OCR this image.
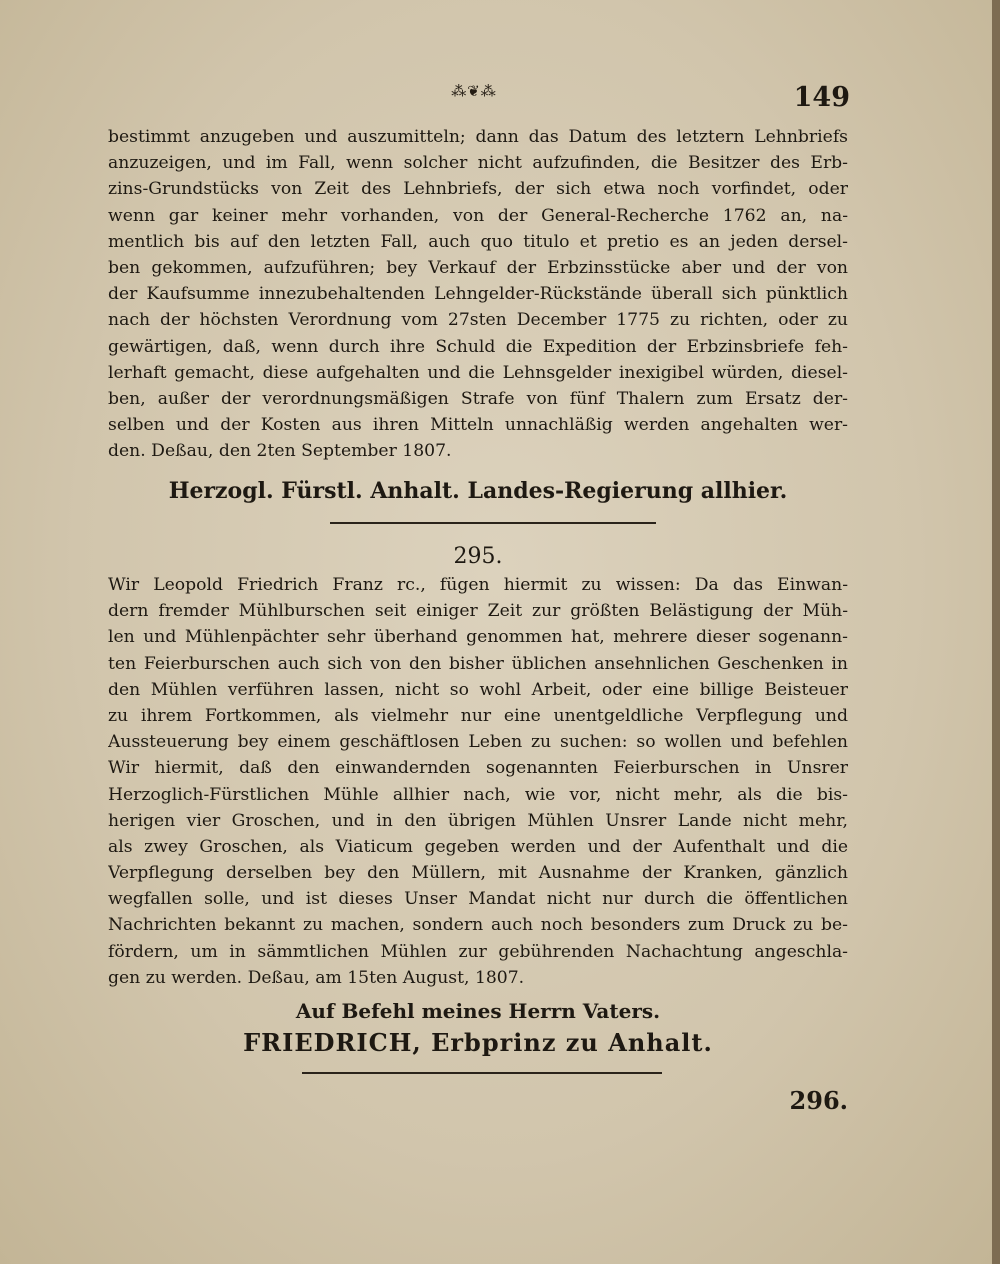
⁂❦⁂	149
bestimmt anzugeben und auszumitteln; dann das Datum des letztern Lehnbriefs
anzuzeigen, und im Fall, wenn solcher nicht aufzufinden, die Besitzer des Erb-
zins-Grundstücks von Zeit des Lehnbriefs, der sich etwa noch vorfindet, oder
wenn gar keiner mehr vorhanden, von der General-Recherche 1762 an, na-
mentlich bis auf den letzten Fall, auch quo titulo et pretio es an jeden dersel-
ben gekommen, aufzuführen; bey Verkauf der Erbzinsstücke aber und der von
der Kaufsumme innezubehaltenden Lehngelder-Rückstände überall sich pünktlich
nach der höchsten Verordnung vom 27sten December 1775 zu richten, oder zu
gewärtigen, daß, wenn durch ihre Schuld die Expedition der Erbzinsbriefe feh-
lerhaft gemacht, diese aufgehalten und die Lehnsgelder inexigibel würden, diesel-
ben, außer der verordnungsmäßigen Strafe von fünf Thalern zum Ersatz der-
selben und der Kosten aus ihren Mitteln unnachläßig werden angehalten wer-
den. Deßau, den 2ten September 1807.
Herzogl. Fürstl. Anhalt. Landes-Regierung allhier.
295.
Wir Leopold Friedrich Franz rc., fügen hiermit zu wissen: Da das Einwan-
dern fremder Mühlburschen seit einiger Zeit zur größten Belästigung der Müh-
len und Mühlenpächter sehr überhand genommen hat, mehrere dieser sogenann-
ten Feierburschen auch sich von den bisher üblichen ansehnlichen Geschenken in
den Mühlen verführen lassen, nicht so wohl Arbeit, oder eine billige Beisteuer
zu ihrem Fortkommen, als vielmehr nur eine unentgeldliche Verpflegung und
Aussteuerung bey einem geschäftlosen Leben zu suchen: so wollen und befehlen
Wir hiermit, daß den einwandernden sogenannten Feierburschen in Unsrer
Herzoglich-Fürstlichen Mühle allhier nach, wie vor, nicht mehr, als die bis-
herigen vier Groschen, und in den übrigen Mühlen Unsrer Lande nicht mehr,
als zwey Groschen, als Viaticum gegeben werden und der Aufenthalt und die
Verpflegung derselben bey den Müllern, mit Ausnahme der Kranken, gänzlich
wegfallen solle, und ist dieses Unser Mandat nicht nur durch die öffentlichen
Nachrichten bekannt zu machen, sondern auch noch besonders zum Druck zu be-
fördern, um in sämmtlichen Mühlen zur gebührenden Nachachtung angeschla-
gen zu werden. Deßau, am 15ten August, 1807.
Auf Befehl meines Herrn Vaters.
FRIEDRICH, Erbprinz zu Anhalt.
296.
